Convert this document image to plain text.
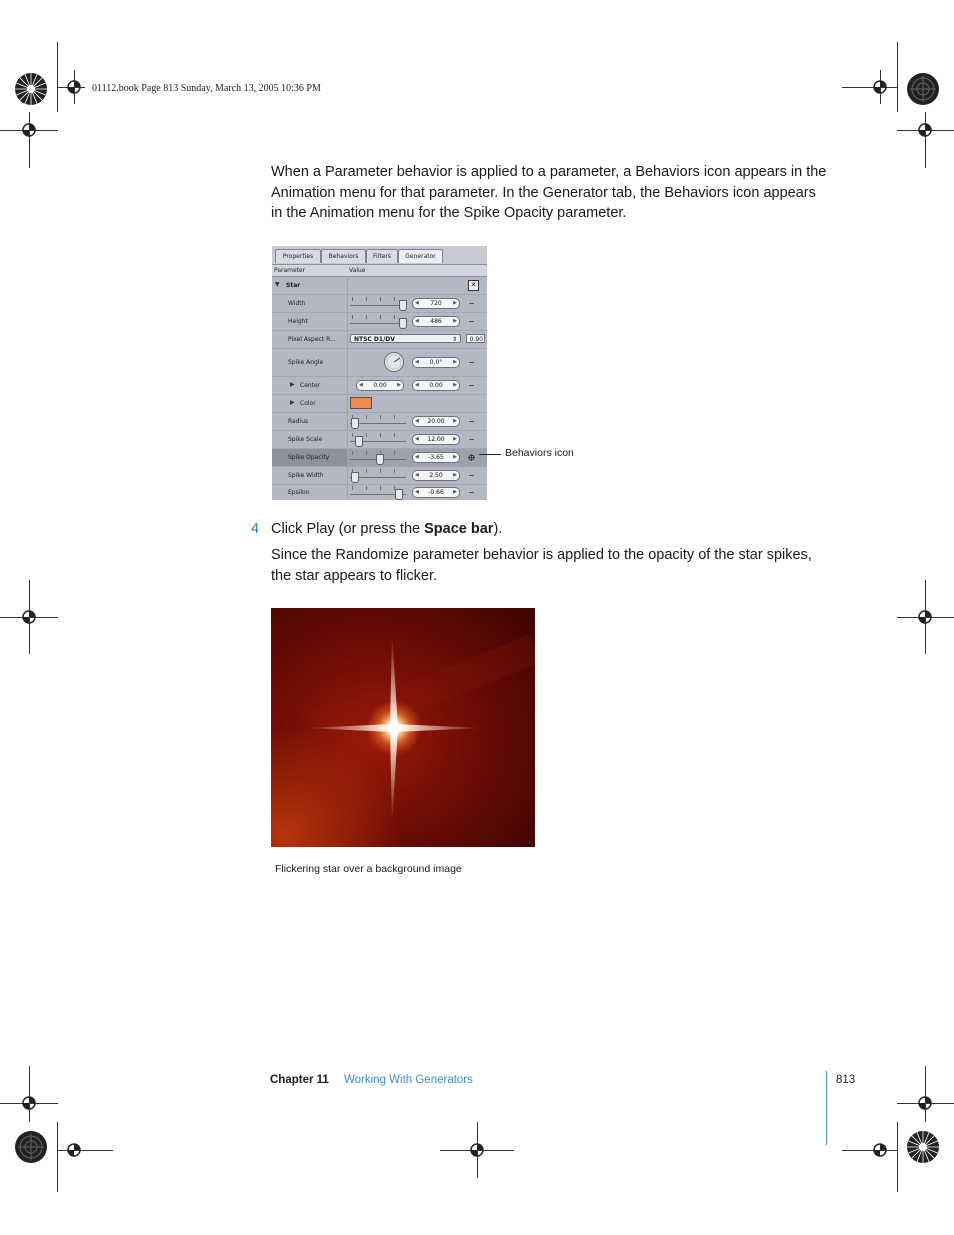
01112.book Page 813 Sunday, March 13, 2005 10:36 PM

When a Parameter behavior is applied to a parameter, a Behaviors icon appears in the Animation menu for that parameter. In the Generator tab, the Behaviors icon appears in the Animation menu for the Spike Opacity parameter.

Properties	Behaviors	Filters	Generator
Parameter	Value
▼ Star	✕
Width	◀ 720 ▶
Height	◀ 486 ▶
Pixel Aspect R...	NTSC D1/DV	⇕	0.90
Spike Angle	◀ 0.0° ▶
▶ Center	◀ 0.00 ▶	◀ 0.00 ▶
▶ Color
Radius	◀ 20.00 ▶
Spike Scale	◀ 12.00 ▶
Spike Opacity	◀ -3.65 ▶
Spike Width	◀ 2.50 ▶
Epsilon	◀ -0.66 ▶
Behaviors icon
4 Click Play (or press the Space bar).

Since the Randomize parameter behavior is applied to the opacity of the star spikes, the star appears to flicker.

Flickering star over a background image
Chapter 11 Working With Generators	813
